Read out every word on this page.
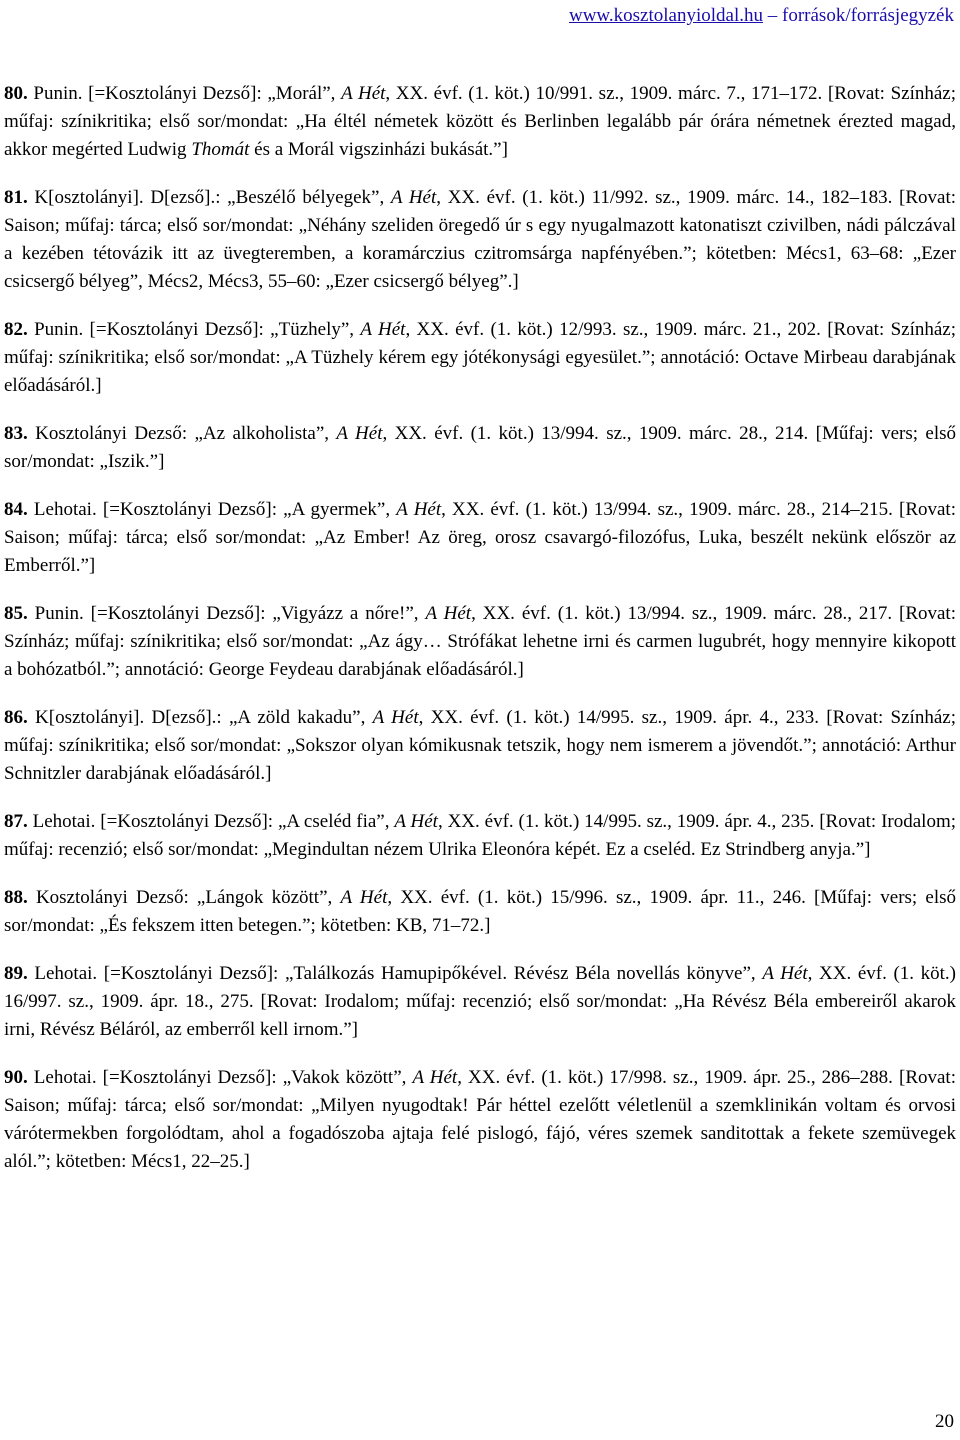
www.kosztolanyioldal.hu – források/forrásjegyzék

80. Punin. [=Kosztolányi Dezső]: „Morál”, A Hét, XX. évf. (1. köt.) 10/991. sz., 1909. márc. 7., 171–172. [Rovat: Színház; műfaj: színikritika; első sor/mondat: „Ha éltél németek között és Berlinben legalább pár órára németnek érezted magad, akkor megérted Ludwig Thomát és a Morál vigszinházi bukását.”]

81. K[osztolányi]. D[ezső].: „Beszélő bélyegek”, A Hét, XX. évf. (1. köt.) 11/992. sz., 1909. márc. 14., 182–183. [Rovat: Saison; műfaj: tárca; első sor/mondat: „Néhány szeliden öregedő úr s egy nyugalmazott katonatiszt czivilben, nádi pálczával a kezében tétovázik itt az üvegteremben, a koramárczius czitromsárga napfényében.”; kötetben: Mécs1, 63–68: „Ezer csicsergő bélyeg”, Mécs2, Mécs3, 55–60: „Ezer csicsergő bélyeg”.]

82. Punin. [=Kosztolányi Dezső]: „Tüzhely”, A Hét, XX. évf. (1. köt.) 12/993. sz., 1909. márc. 21., 202. [Rovat: Színház; műfaj: színikritika; első sor/mondat: „A Tüzhely kérem egy jótékonysági egyesület.”; annotáció: Octave Mirbeau darabjának előadásáról.]

83. Kosztolányi Dezső: „Az alkoholista”, A Hét, XX. évf. (1. köt.) 13/994. sz., 1909. márc. 28., 214. [Műfaj: vers; első sor/mondat: „Iszik.”]

84. Lehotai. [=Kosztolányi Dezső]: „A gyermek”, A Hét, XX. évf. (1. köt.) 13/994. sz., 1909. márc. 28., 214–215. [Rovat: Saison; műfaj: tárca; első sor/mondat: „Az Ember! Az öreg, orosz csavargó-filozófus, Luka, beszélt nekünk először az Emberről.”]

85. Punin. [=Kosztolányi Dezső]: „Vigyázz a nőre!”, A Hét, XX. évf. (1. köt.) 13/994. sz., 1909. márc. 28., 217. [Rovat: Színház; műfaj: színikritika; első sor/mondat: „Az ágy… Strófákat lehetne irni és carmen lugubrét, hogy mennyire kikopott a bohózatból.”; annotáció: George Feydeau darabjának előadásáról.]

86. K[osztolányi]. D[ezső].: „A zöld kakadu”, A Hét, XX. évf. (1. köt.) 14/995. sz., 1909. ápr. 4., 233. [Rovat: Színház; műfaj: színikritika; első sor/mondat: „Sokszor olyan kómikusnak tetszik, hogy nem ismerem a jövendőt.”; annotáció: Arthur Schnitzler darabjának előadásáról.]

87. Lehotai. [=Kosztolányi Dezső]: „A cseléd fia”, A Hét, XX. évf. (1. köt.) 14/995. sz., 1909. ápr. 4., 235. [Rovat: Irodalom; műfaj: recenzió; első sor/mondat: „Megindultan nézem Ulrika Eleonóra képét. Ez a cseléd. Ez Strindberg anyja.”]

88. Kosztolányi Dezső: „Lángok között”, A Hét, XX. évf. (1. köt.) 15/996. sz., 1909. ápr. 11., 246. [Műfaj: vers; első sor/mondat: „És fekszem itten betegen.”; kötetben: KB, 71–72.]

89. Lehotai. [=Kosztolányi Dezső]: „Találkozás Hamupipőkével. Révész Béla novellás könyve”, A Hét, XX. évf. (1. köt.) 16/997. sz., 1909. ápr. 18., 275. [Rovat: Irodalom; műfaj: recenzió; első sor/mondat: „Ha Révész Béla embereiről akarok irni, Révész Béláról, az emberről kell irnom.”]

90. Lehotai. [=Kosztolányi Dezső]: „Vakok között”, A Hét, XX. évf. (1. köt.) 17/998. sz., 1909. ápr. 25., 286–288. [Rovat: Saison; műfaj: tárca; első sor/mondat: „Milyen nyugodtak! Pár héttel ezelőtt véletlenül a szemklinikán voltam és orvosi várótermekben forgolódtam, ahol a fogadószoba ajtaja felé pislogó, fájó, véres szemek sanditottak a fekete szemüvegek alól.”; kötetben: Mécs1, 22–25.]

20
